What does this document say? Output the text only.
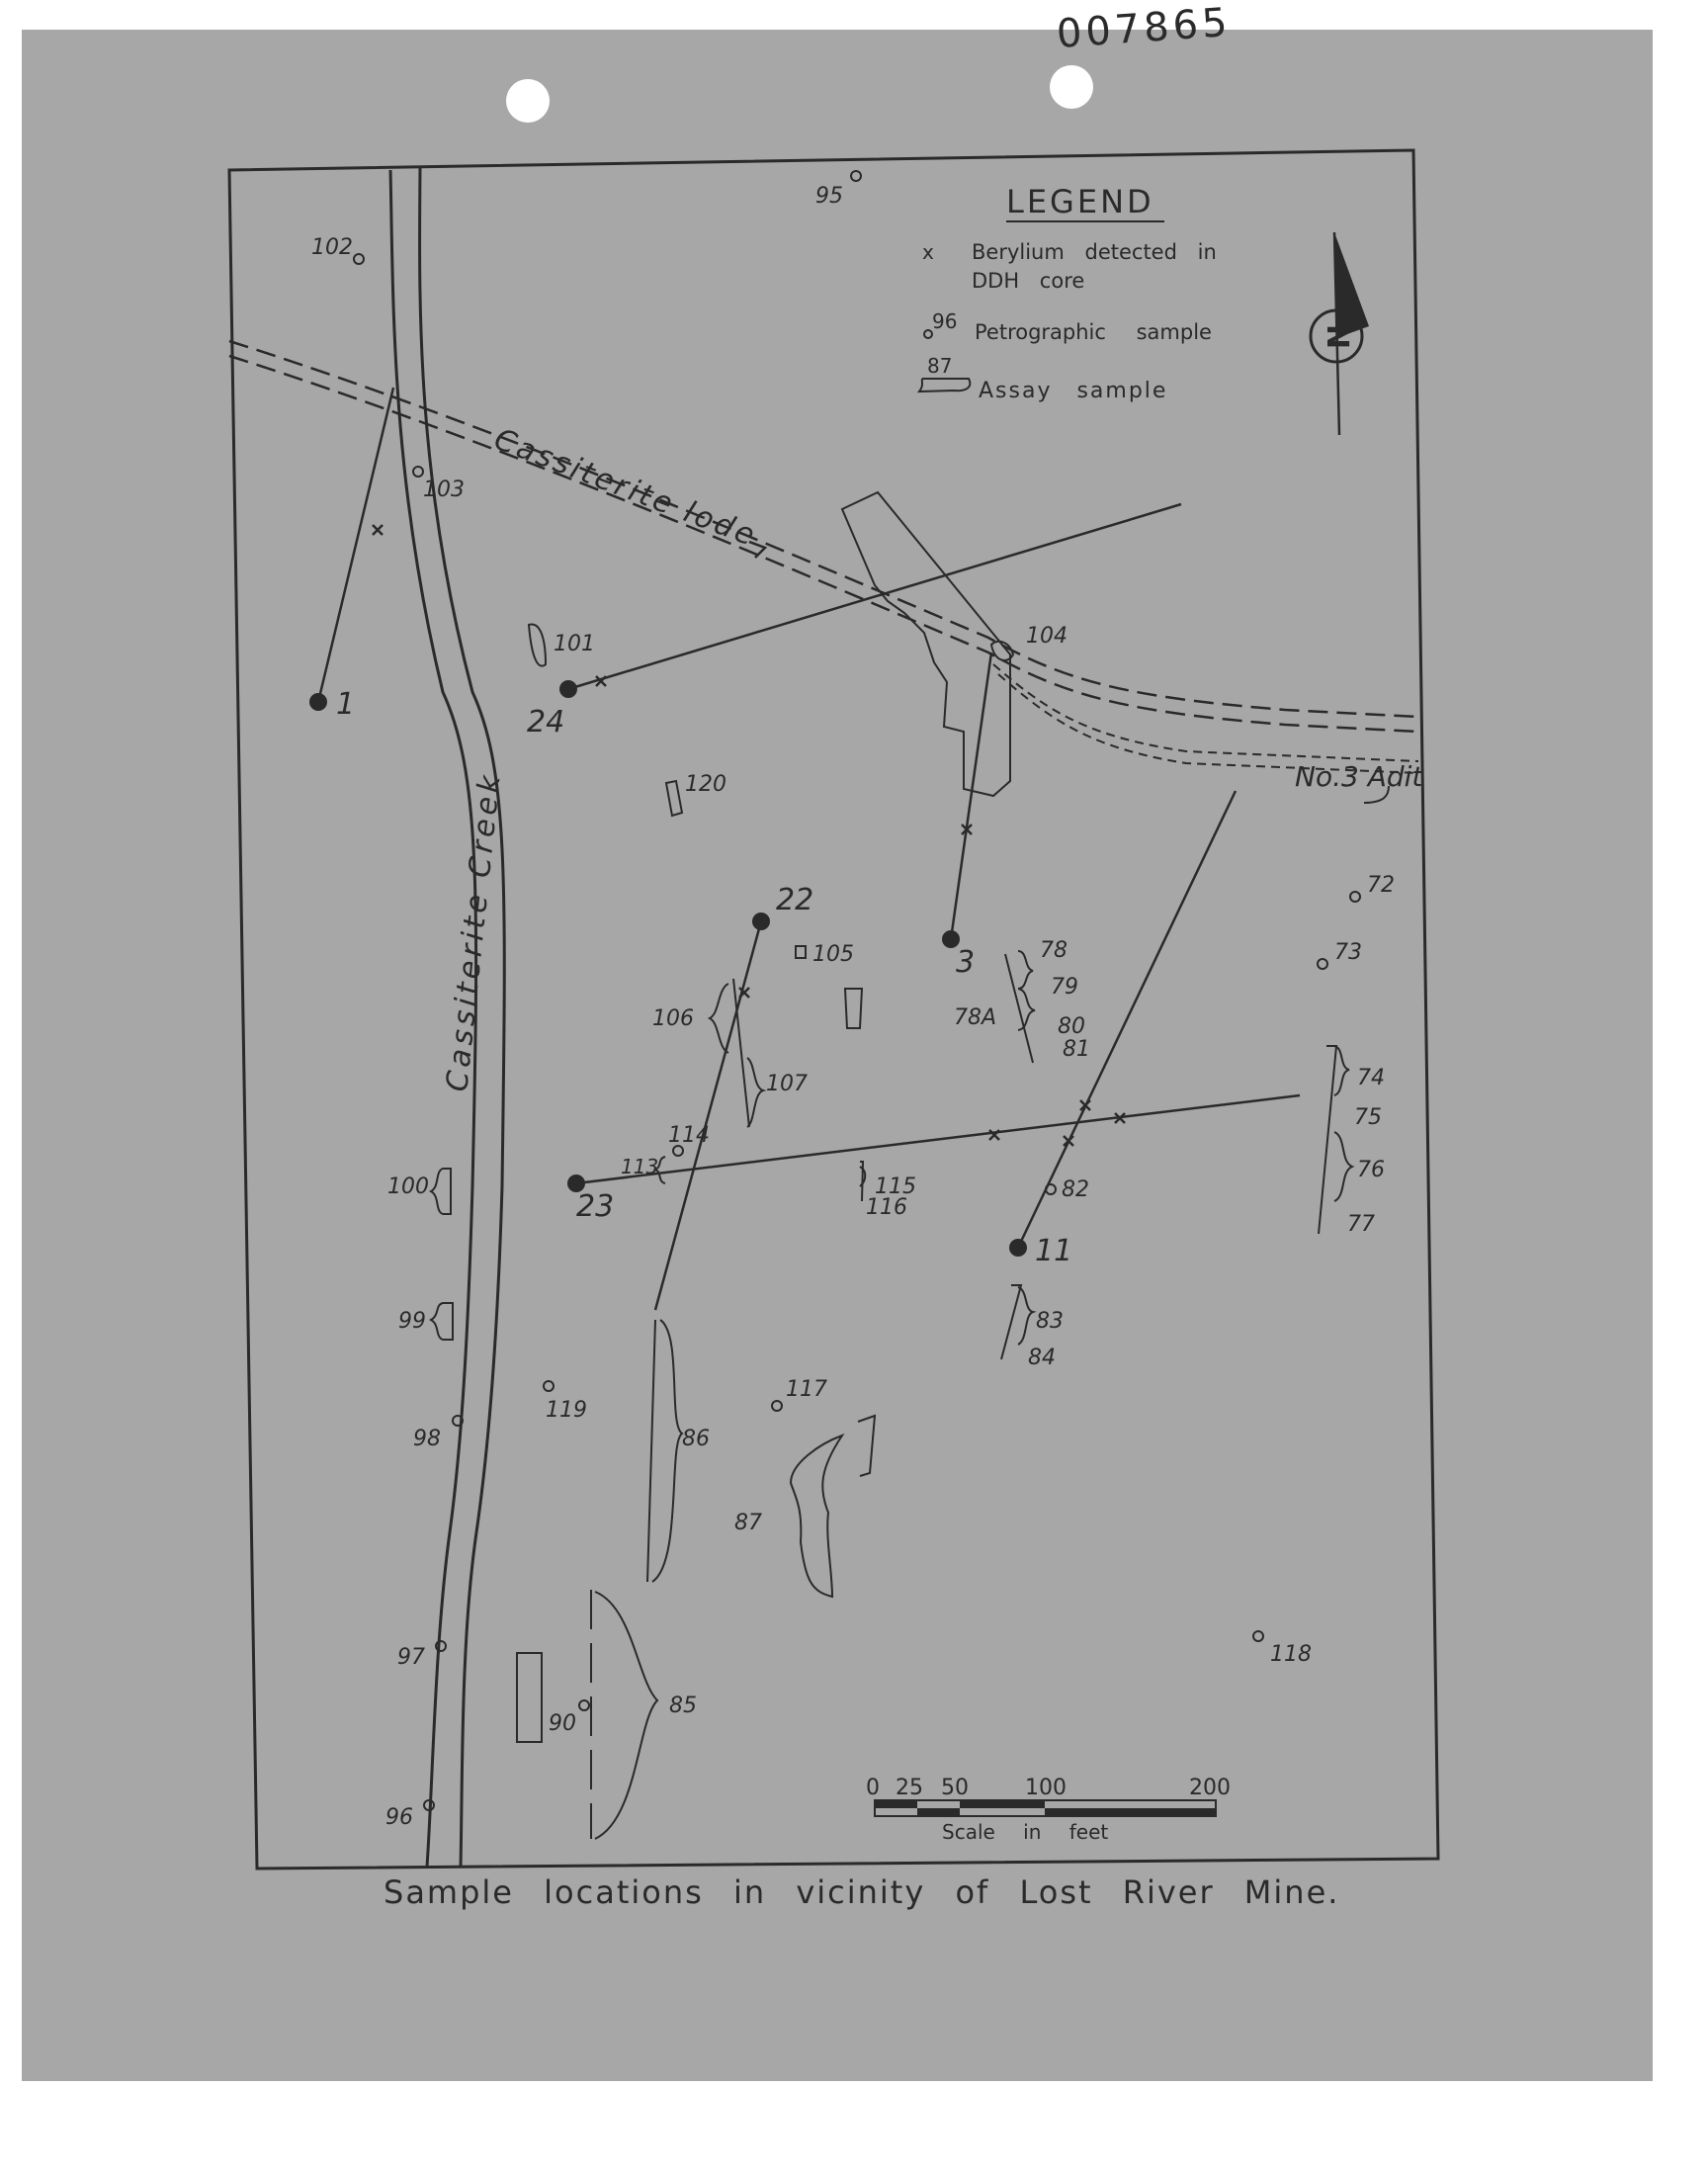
007865
Cassiterite Creek
Cassiterite lode
No.3 Adit
1
24
22
3
23
11
102
95
103
72
73
114
82
119
117
98
97
96
90
118
101	104
120
105
106
107
78
79
78A	80
81
74
75
76
77
100
113
115
116
99	83
84
86
87
85
LEGEND
x Berylium detected in
DDH core
96 Petrographic sample
87
Assay sample
N
0 25 50	100	200
Scale in feet
Sample locations in vicinity of Lost River Mine.
